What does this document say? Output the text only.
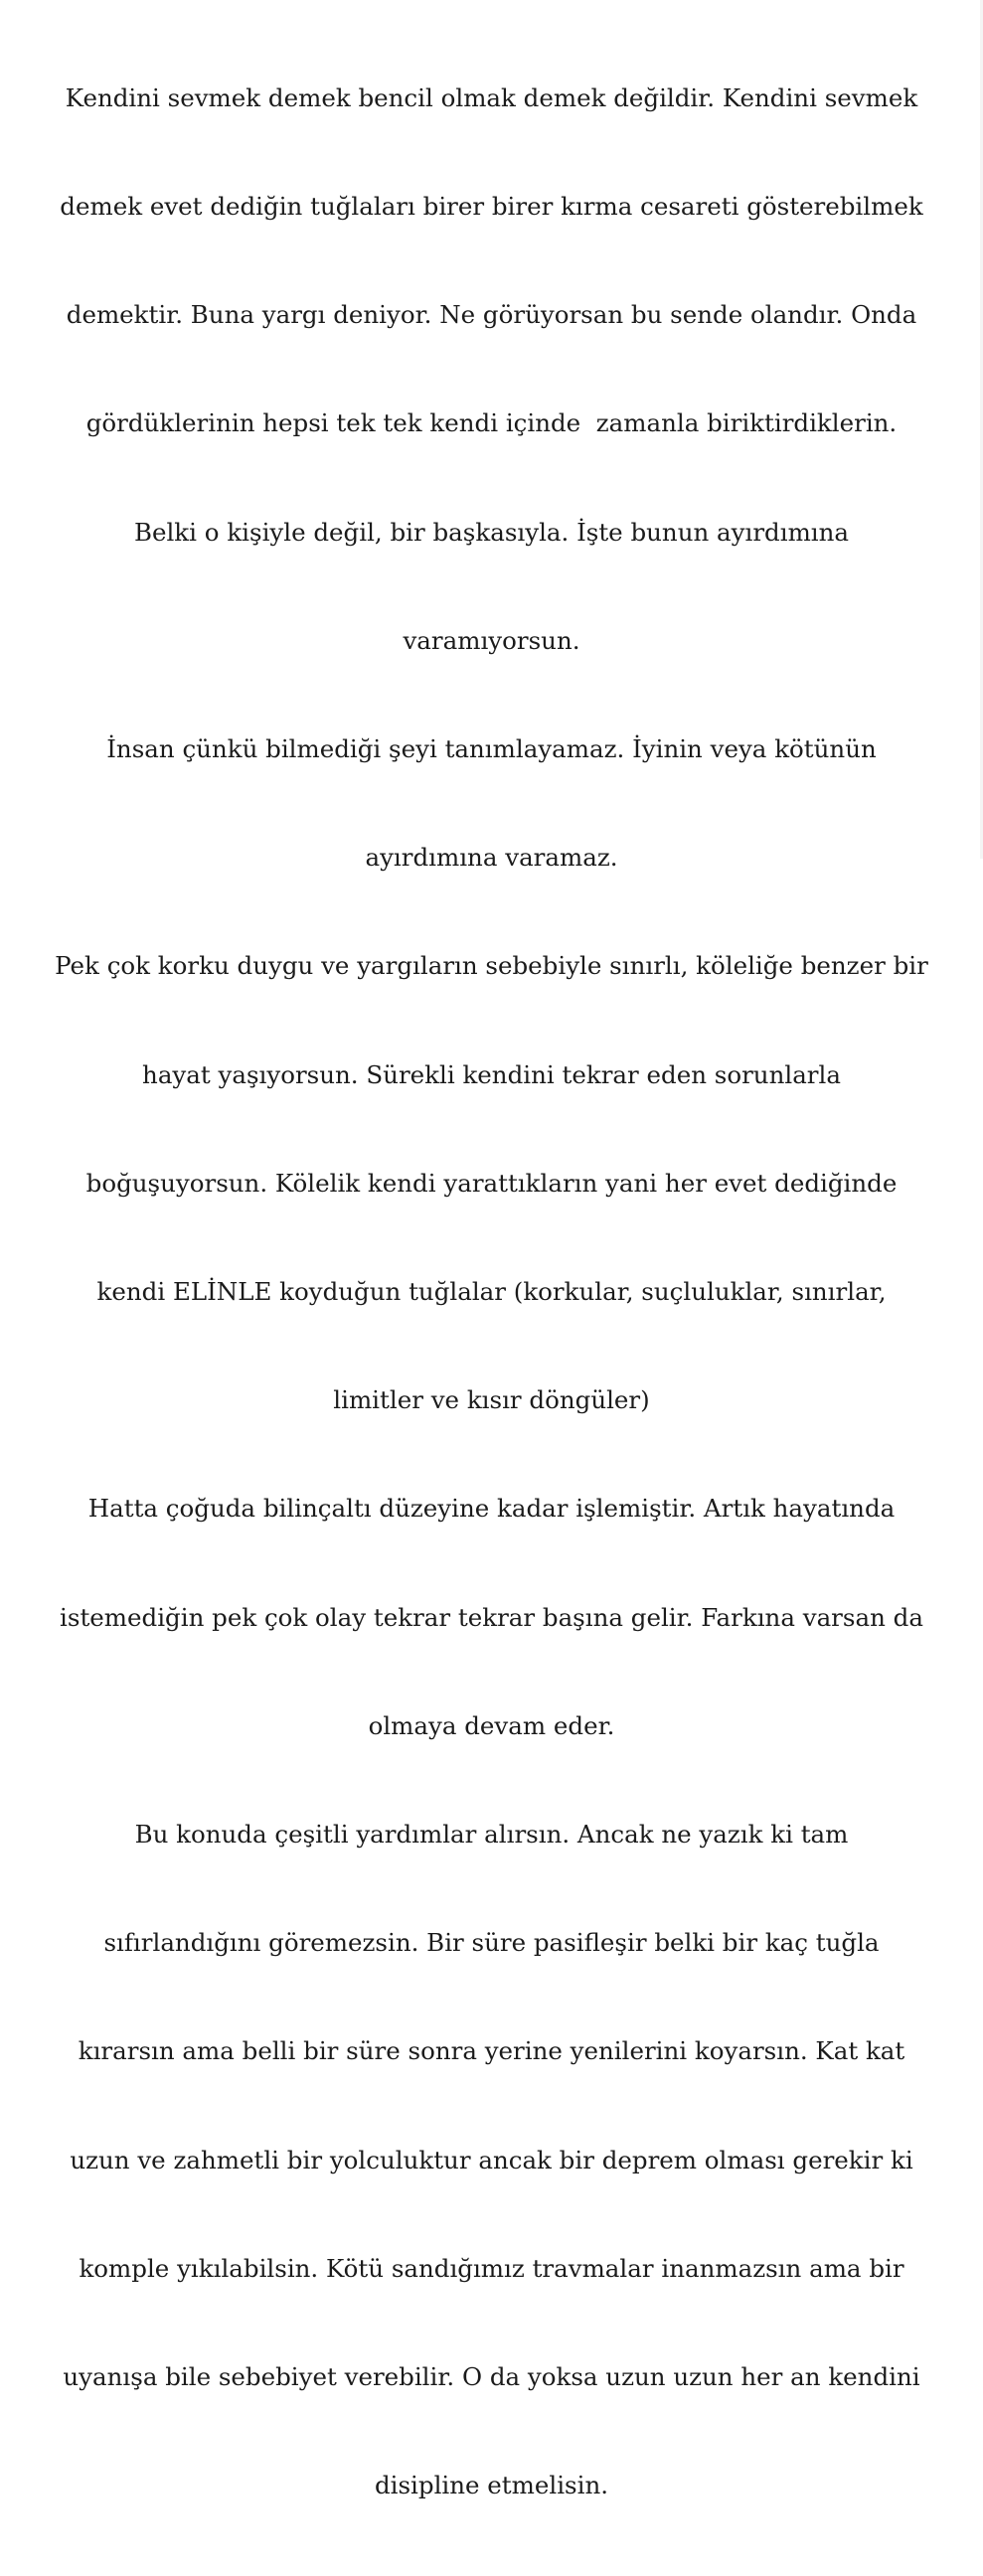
Kendini sevmek demek bencil olmak demek değildir. Kendini sevmek

demek evet dediğin tuğlaları birer birer kırma cesareti gösterebilmek

demektir. Buna yargı deniyor. Ne görüyorsan bu sende olandır. Onda

gördüklerinin hepsi tek tek kendi içinde  zamanla biriktirdiklerin.

Belki o kişiyle değil, bir başkasıyla. İşte bunun ayırdımına

varamıyorsun.

İnsan çünkü bilmediği şeyi tanımlayamaz. İyinin veya kötünün

ayırdımına varamaz.

Pek çok korku duygu ve yargıların sebebiyle sınırlı, köleliğe benzer bir

hayat yaşıyorsun. Sürekli kendini tekrar eden sorunlarla

boğuşuyorsun. Kölelik kendi yarattıkların yani her evet dediğinde

kendi ELİNLE koyduğun tuğlalar (korkular, suçluluklar, sınırlar,

limitler ve kısır döngüler)

Hatta çoğuda bilinçaltı düzeyine kadar işlemiştir. Artık hayatında

istemediğin pek çok olay tekrar tekrar başına gelir. Farkına varsan da

olmaya devam eder.

Bu konuda çeşitli yardımlar alırsın. Ancak ne yazık ki tam

sıfırlandığını göremezsin. Bir süre pasifleşir belki bir kaç tuğla

kırarsın ama belli bir süre sonra yerine yenilerini koyarsın. Kat kat

uzun ve zahmetli bir yolculuktur ancak bir deprem olması gerekir ki

komple yıkılabilsin. Kötü sandığımız travmalar inanmazsın ama bir

uyanışa bile sebebiyet verebilir. O da yoksa uzun uzun her an kendini

disipline etmelisin.
